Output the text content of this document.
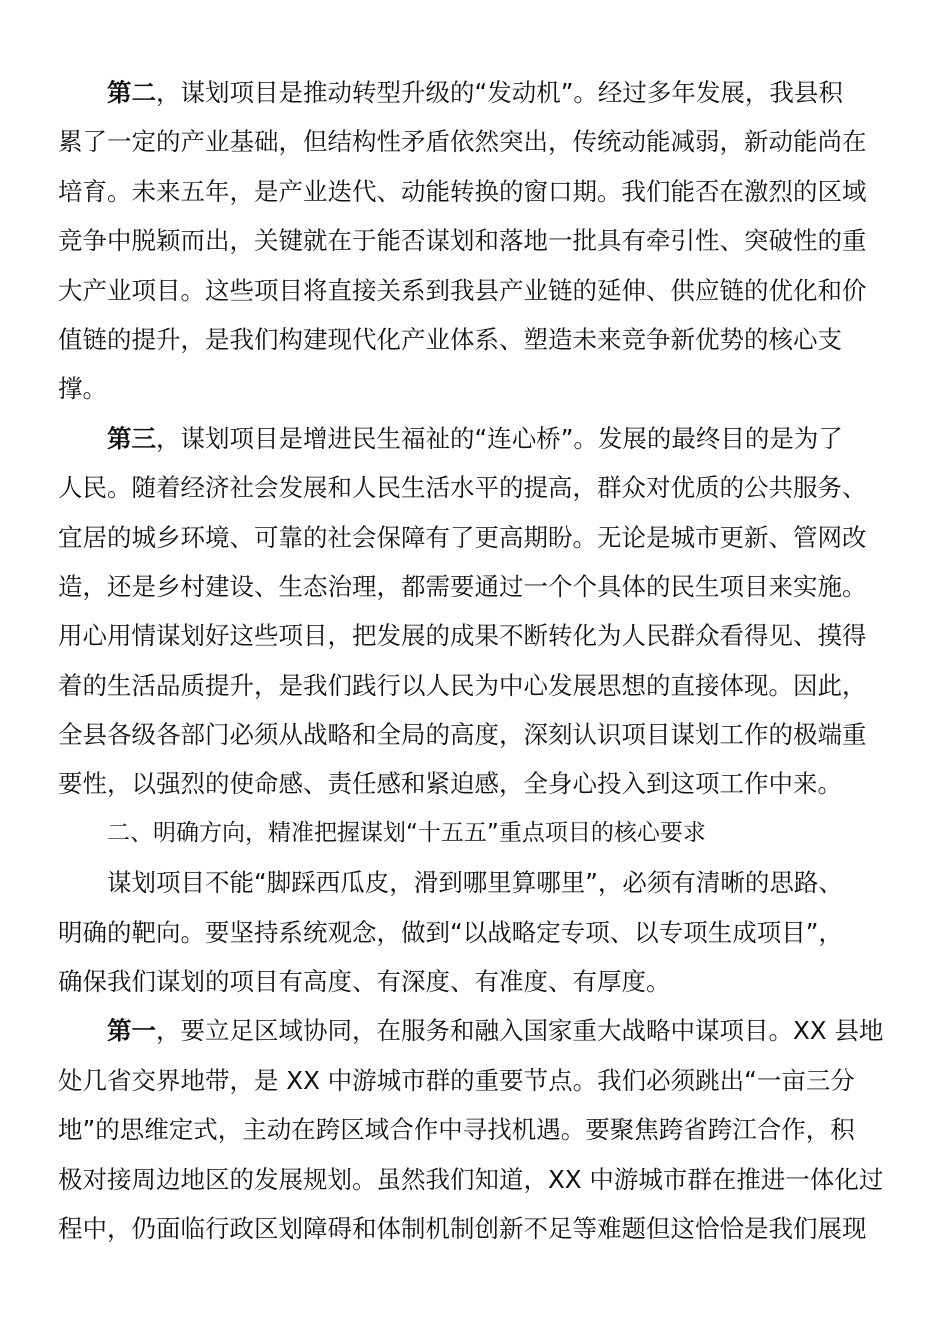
第二，谋划项目是推动转型升级的“发动机”。经过多年发展，我县积
累了一定的产业基础，但结构性矛盾依然突出，传统动能减弱，新动能尚在
培育。未来五年，是产业迭代、动能转换的窗口期。我们能否在激烈的区域
竞争中脱颖而出，关键就在于能否谋划和落地一批具有牵引性、突破性的重
大产业项目。这些项目将直接关系到我县产业链的延伸、供应链的优化和价
值链的提升，是我们构建现代化产业体系、塑造未来竞争新优势的核心支
撑。
第三，谋划项目是增进民生福祉的“连心桥”。发展的最终目的是为了
人民。随着经济社会发展和人民生活水平的提高，群众对优质的公共服务、
宜居的城乡环境、可靠的社会保障有了更高期盼。无论是城市更新、管网改
造，还是乡村建设、生态治理，都需要通过一个个具体的民生项目来实施。
用心用情谋划好这些项目，把发展的成果不断转化为人民群众看得见、摸得
着的生活品质提升，是我们践行以人民为中心发展思想的直接体现。因此，
全县各级各部门必须从战略和全局的高度，深刻认识项目谋划工作的极端重
要性，以强烈的使命感、责任感和紧迫感，全身心投入到这项工作中来。
二、明确方向，精准把握谋划“十五五”重点项目的核心要求
谋划项目不能“脚踩西瓜皮，滑到哪里算哪里”，必须有清晰的思路、
明确的靶向。要坚持系统观念，做到“以战略定专项、以专项生成项目”，
确保我们谋划的项目有高度、有深度、有准度、有厚度。
第一，要立足区域协同，在服务和融入国家重大战略中谋项目。XX 县地
处几省交界地带，是 XX 中游城市群的重要节点。我们必须跳出“一亩三分
地”的思维定式，主动在跨区域合作中寻找机遇。要聚焦跨省跨江合作，积
极对接周边地区的发展规划。虽然我们知道，XX 中游城市群在推进一体化过
程中，仍面临行政区划障碍和体制机制创新不足等难题但这恰恰是我们展现
